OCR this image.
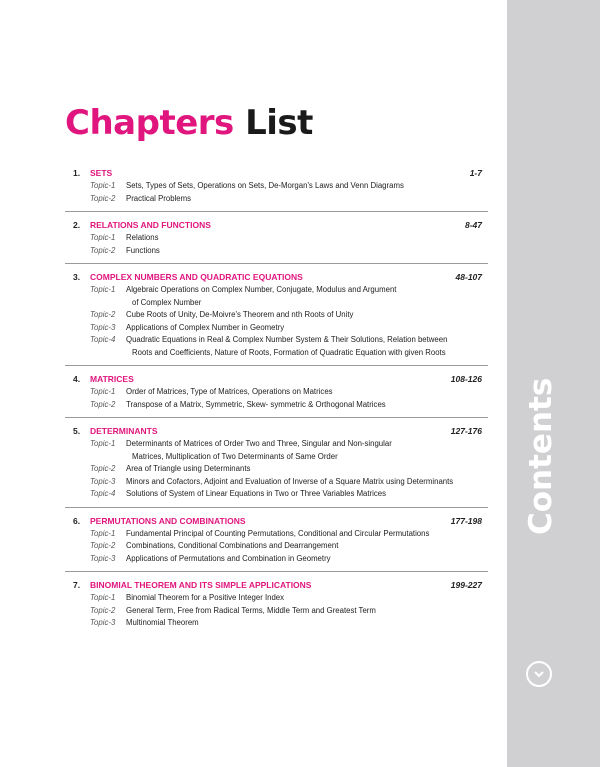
Contents
Chapters List
1. SETS	1-7
Topic-1 Sets, Types of Sets, Operations on Sets, De-Morgan's Laws and Venn Diagrams
Topic-2 Practical Problems
2. RELATIONS AND FUNCTIONS	8-47
Topic-1 Relations
Topic-2 Functions
3. COMPLEX NUMBERS AND QUADRATIC EQUATIONS	48-107
Topic-1 Algebraic Operations on Complex Number, Conjugate, Modulus and Argument
of Complex Number
Topic-2 Cube Roots of Unity, De-Moivre's Theorem and nth Roots of Unity
Topic-3 Applications of Complex Number in Geometry
Topic-4 Quadratic Equations in Real & Complex Number System & Their Solutions, Relation between
Roots and Coefficients, Nature of Roots, Formation of Quadratic Equation with given Roots
4. MATRICES	108-126
Topic-1 Order of Matrices, Type of Matrices, Operations on Matrices
Topic-2 Transpose of a Matrix, Symmetric, Skew- symmetric & Orthogonal Matrices
5. DETERMINANTS	127-176
Topic-1 Determinants of Matrices of Order Two and Three, Singular and Non-singular
Matrices, Multiplication of Two Determinants of Same Order
Topic-2 Area of Triangle using Determinants
Topic-3 Minors and Cofactors, Adjoint and Evaluation of Inverse of a Square Matrix using Determinants
Topic-4 Solutions of System of Linear Equations in Two or Three Variables Matrices
6. PERMUTATIONS AND COMBINATIONS	177-198
Topic-1 Fundamental Principal of Counting Permutations, Conditional and Circular Permutations
Topic-2 Combinations, Conditional Combinations and Dearrangement
Topic-3 Applications of Permutations and Combination in Geometry
7. BINOMIAL THEOREM AND ITS SIMPLE APPLICATIONS	199-227
Topic-1 Binomial Theorem for a Positive Integer Index
Topic-2 General Term, Free from Radical Terms, Middle Term and Greatest Term
Topic-3 Multinomial Theorem
